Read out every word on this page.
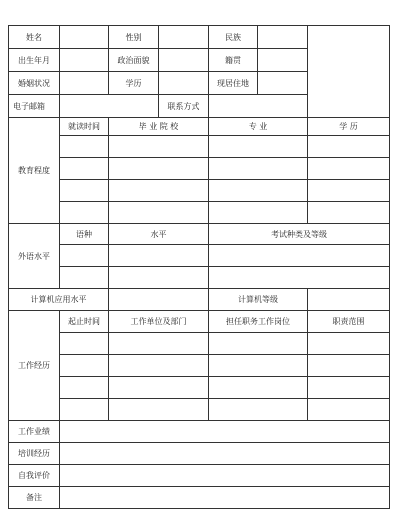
姓名		性别		民族		
出生年月		政治面貌		籍贯		
婚姻状况		学历		现居住地		
电子邮箱			联系方式			
教育程度	就读时间	毕 业 院 校		专 业		学 历

外语水平	语种	水平		考试种类及等级		

计算机应用水平				计算机等级		
工作经历	起止时间	工作单位及部门		担任职务工作岗位		职责范围

工作业绩						
培训经历						
自我评价						
备注						
